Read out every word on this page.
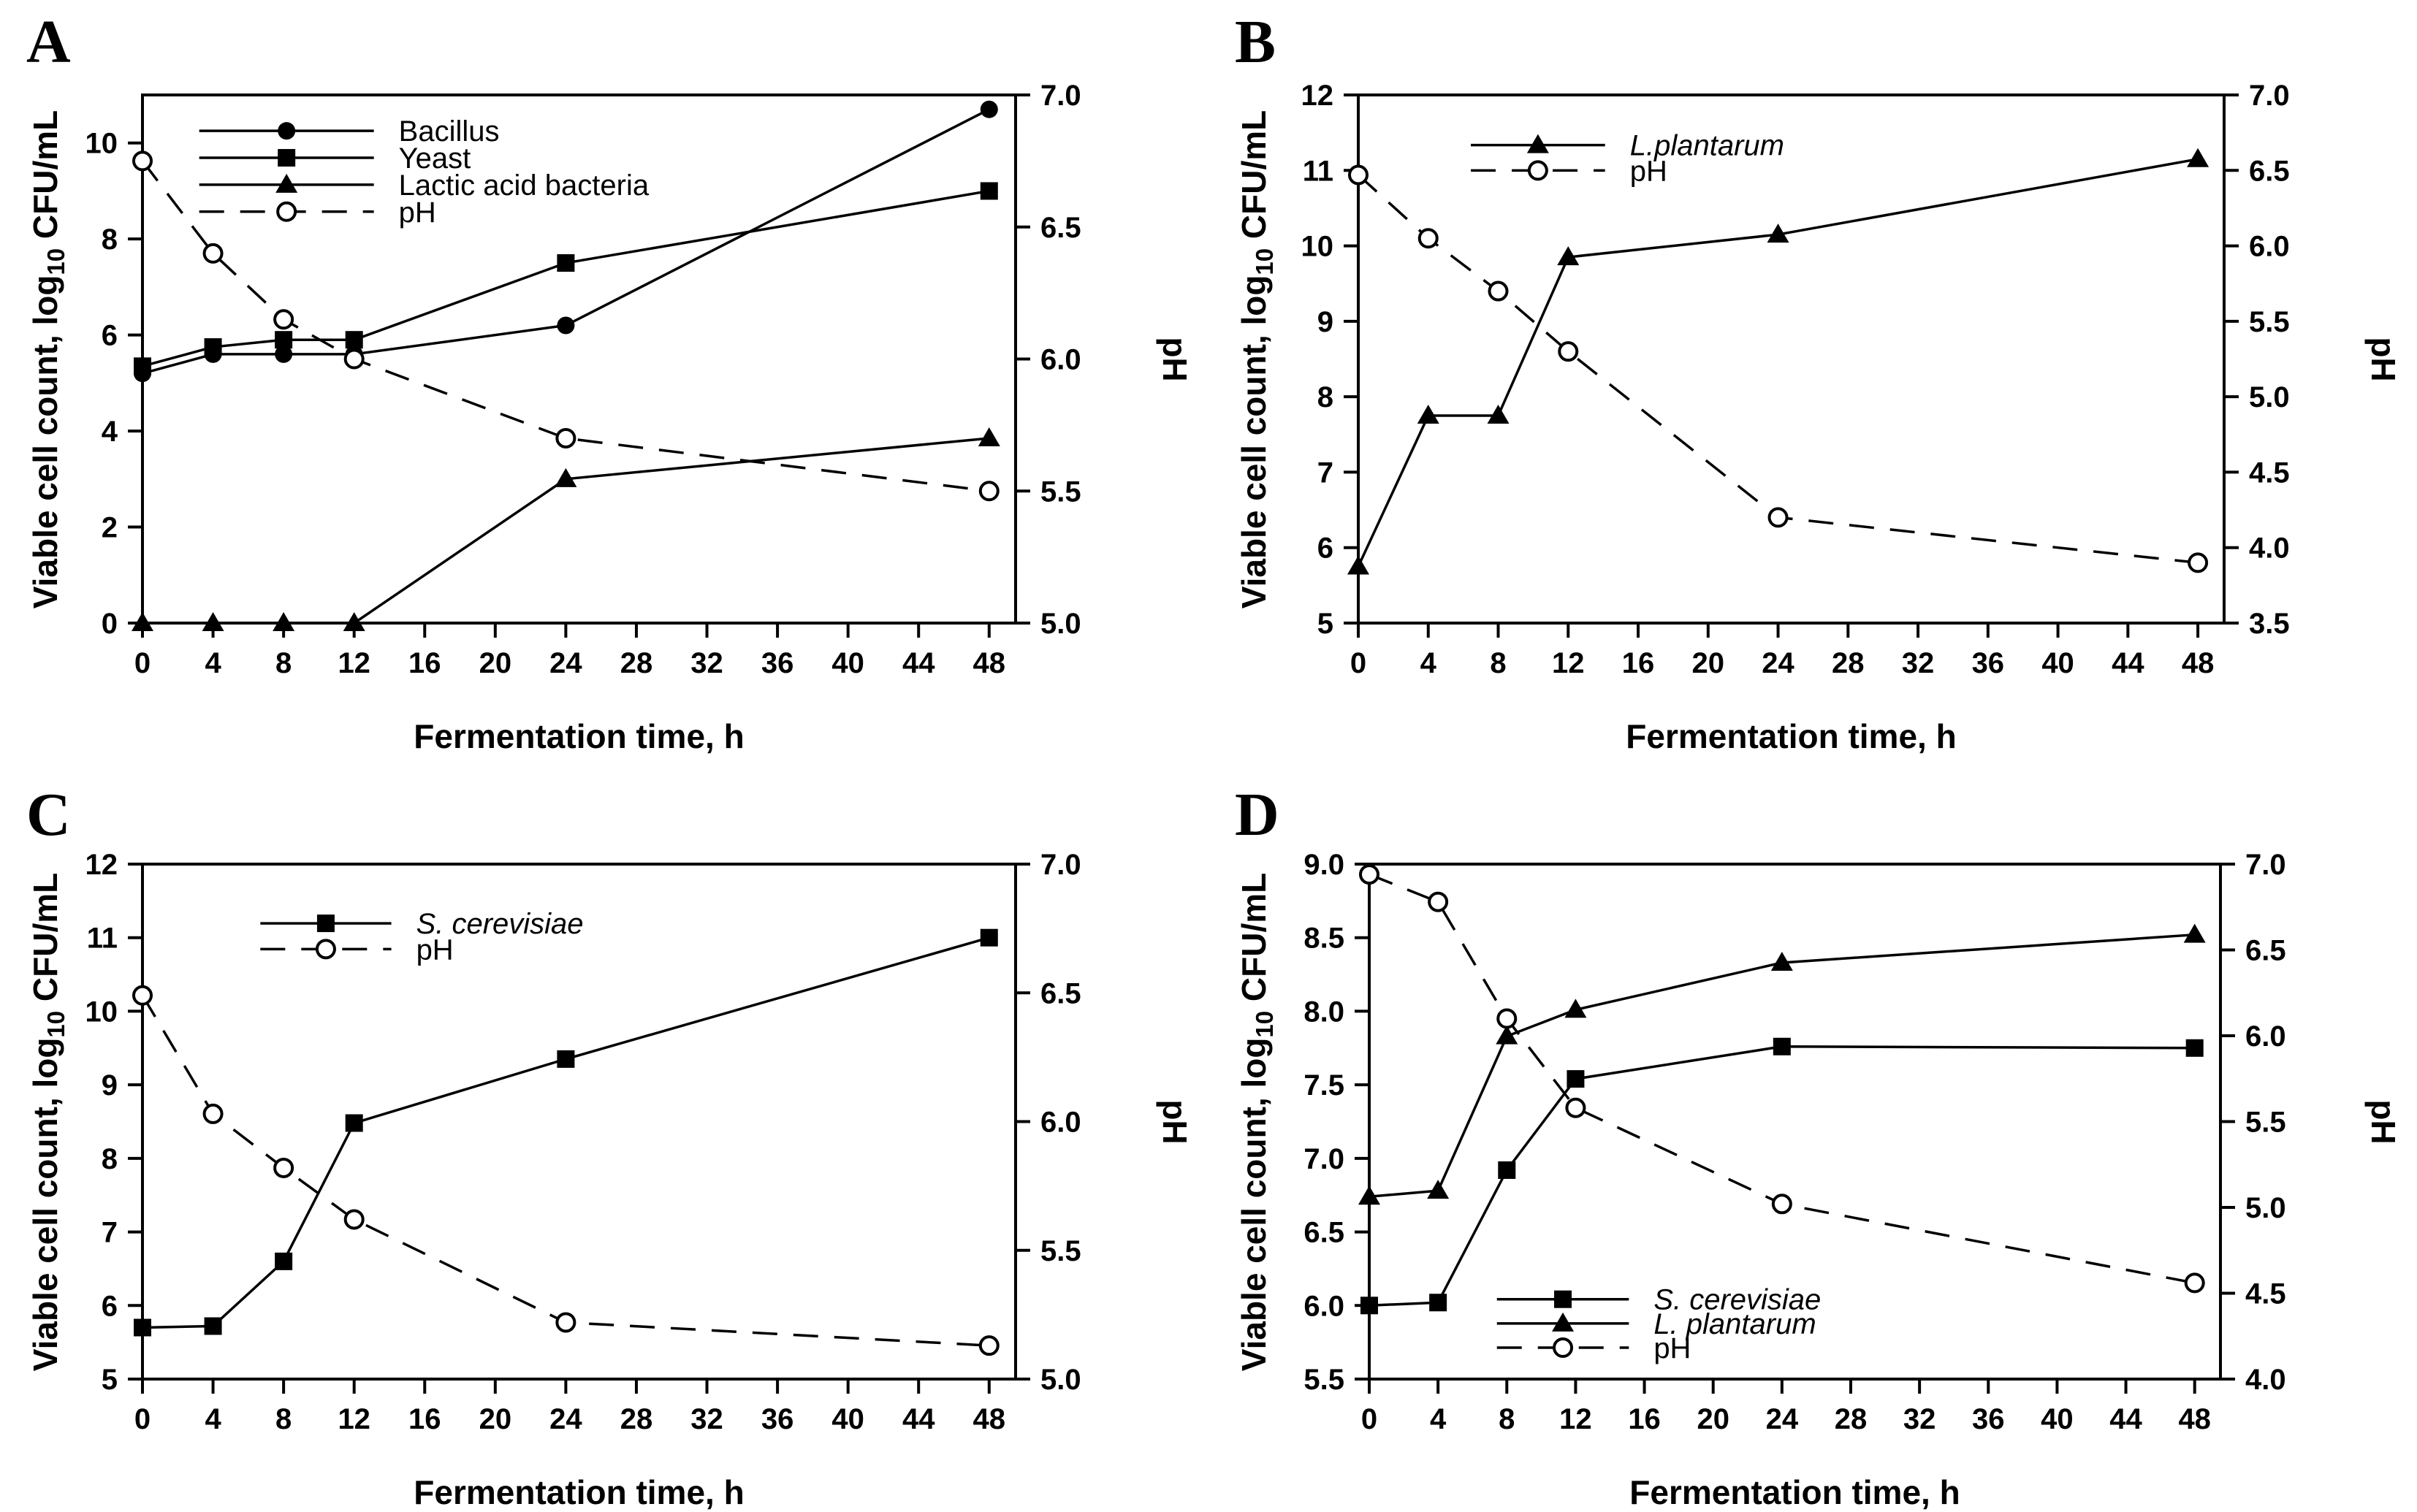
A
0 4 8 12 16 20 24 28 32 36 40 44 48
0
2
4
6
8
10
5.0
5.5
6.0
6.5
7.0
Bacillus
Yeast
Lactic acid bacteria
pH
Viable cell count, $\log_{10} CFU/mL$
pH
Fermentation time, h
B
0 4 8 12 16 20 24 28 32 36 40 44 48
5
6
7
8
9
10
11
12
3.5
4.0
4.5
5.0
5.5
6.0
6.5
7.0
L.plantarum
pH
Viable cell count, $\log_{10} CFU/mL$
pH
Fermentation time, h
C
0 4 8 12 16 20 24 28 32 36 40 44 48
5
6
7
8
9
10
11
12
5.0
5.5
6.0
6.5
7.0
S. cerevisiae
pH
Viable cell count, $\log_{10} CFU/mL$
pH
Fermentation time, h
D
0 4 8 12 16 20 24 28 32 36 40 44 48
5.5
6.0
6.5
7.0
7.5
8.0
8.5
9.0
4.0
4.5
5.0
5.5
6.0
6.5
7.0
S. cerevisiae
L. plantarum
pH
Viable cell count, $\log_{10} CFU/mL$
pH
Fermentation time, h
